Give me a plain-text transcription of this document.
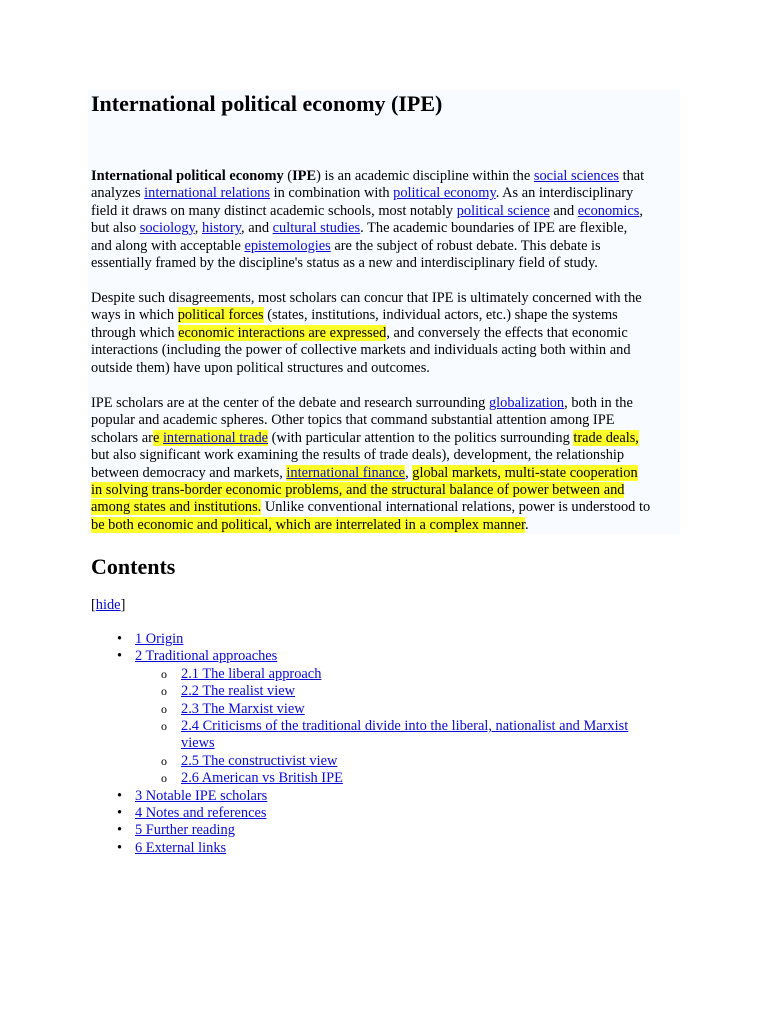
International political economy (IPE)
International political economy (IPE) is an academic discipline within the social sciences that
analyzes international relations in combination with political economy. As an interdisciplinary
field it draws on many distinct academic schools, most notably political science and economics,
but also sociology, history, and cultural studies. The academic boundaries of IPE are flexible,
and along with acceptable epistemologies are the subject of robust debate. This debate is
essentially framed by the discipline's status as a new and interdisciplinary field of study.
Despite such disagreements, most scholars can concur that IPE is ultimately concerned with the
ways in which political forces (states, institutions, individual actors, etc.) shape the systems
through which economic interactions are expressed, and conversely the effects that economic
interactions (including the power of collective markets and individuals acting both within and
outside them) have upon political structures and outcomes.
IPE scholars are at the center of the debate and research surrounding globalization, both in the
popular and academic spheres. Other topics that command substantial attention among IPE
scholars are international trade (with particular attention to the politics surrounding trade deals,
but also significant work examining the results of trade deals), development, the relationship
between democracy and markets, international finance, global markets, multi-state cooperation
in solving trans-border economic problems, and the structural balance of power between and
among states and institutions. Unlike conventional international relations, power is understood to
be both economic and political, which are interrelated in a complex manner.
Contents
[hide]
• 1 Origin
• 2 Traditional approaches
o 2.1 The liberal approach
o 2.2 The realist view
o 2.3 The Marxist view
o 2.4 Criticisms of the traditional divide into the liberal, nationalist and Marxist
views
o 2.5 The constructivist view
o 2.6 American vs British IPE
• 3 Notable IPE scholars
• 4 Notes and references
• 5 Further reading
• 6 External links
